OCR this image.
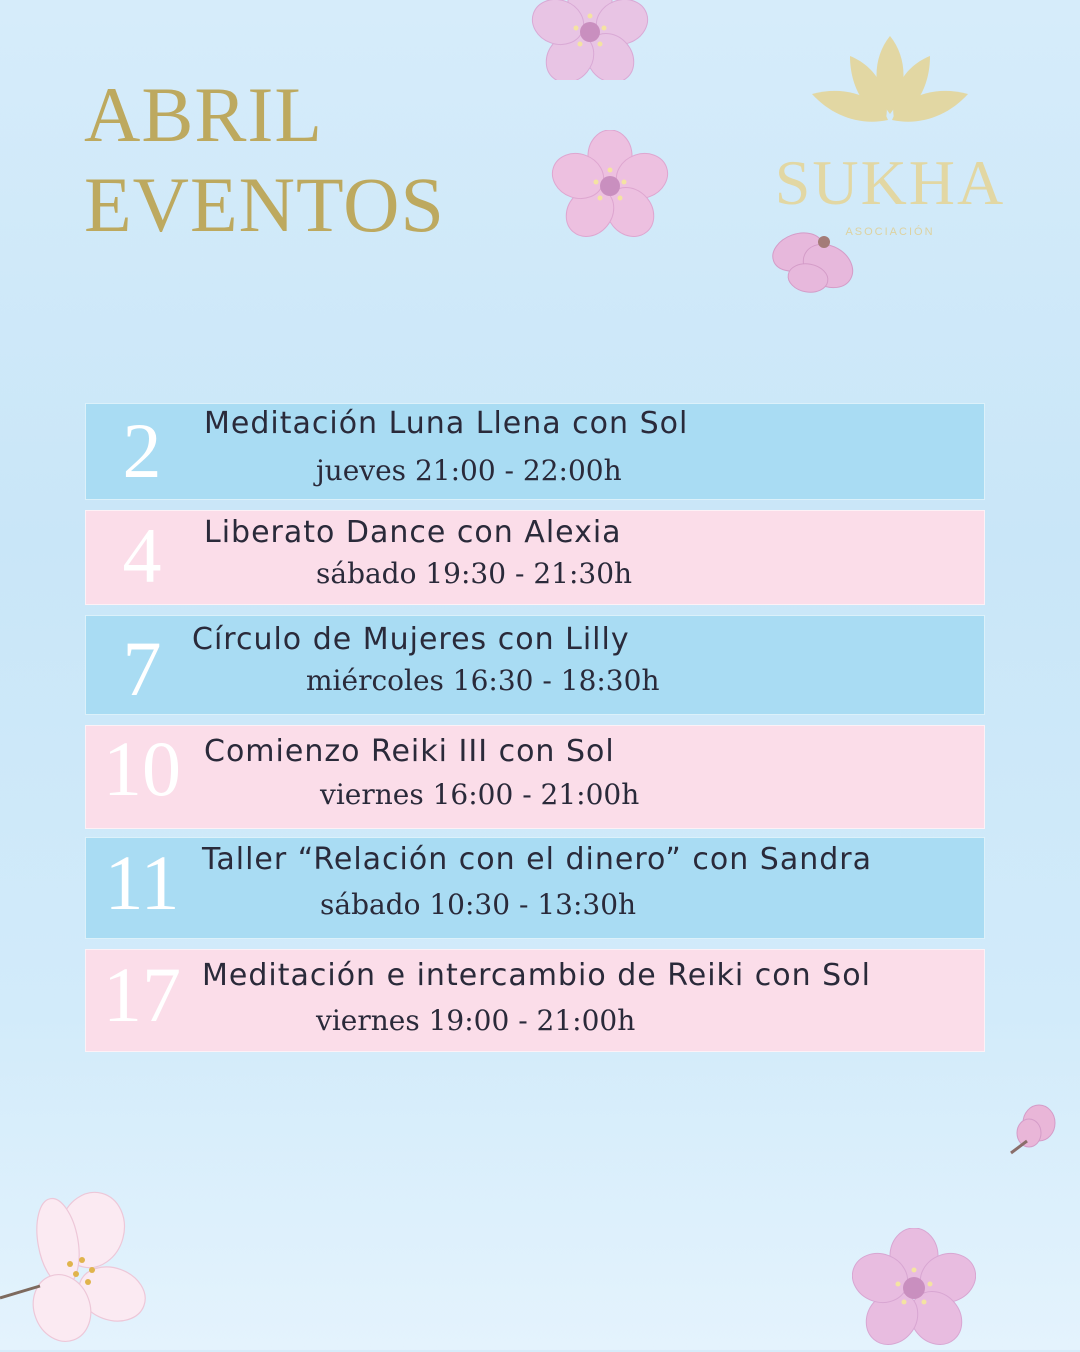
ABRIL
EVENTOS	SUKHA
ASOCIACIÓN
2	Meditación Luna Llena con Sol
jueves 21:00 - 22:00h
4	Liberato Dance con Alexia
sábado 19:30 - 21:30h
7	Círculo de Mujeres con Lilly
miércoles 16:30 - 18:30h
10 Comienzo Reiki III con Sol
viernes 16:00 - 21:00h
11 Taller “Relación con el dinero” con Sandra
sábado 10:30 - 13:30h
17 Meditación e intercambio de Reiki con Sol
viernes 19:00 - 21:00h
